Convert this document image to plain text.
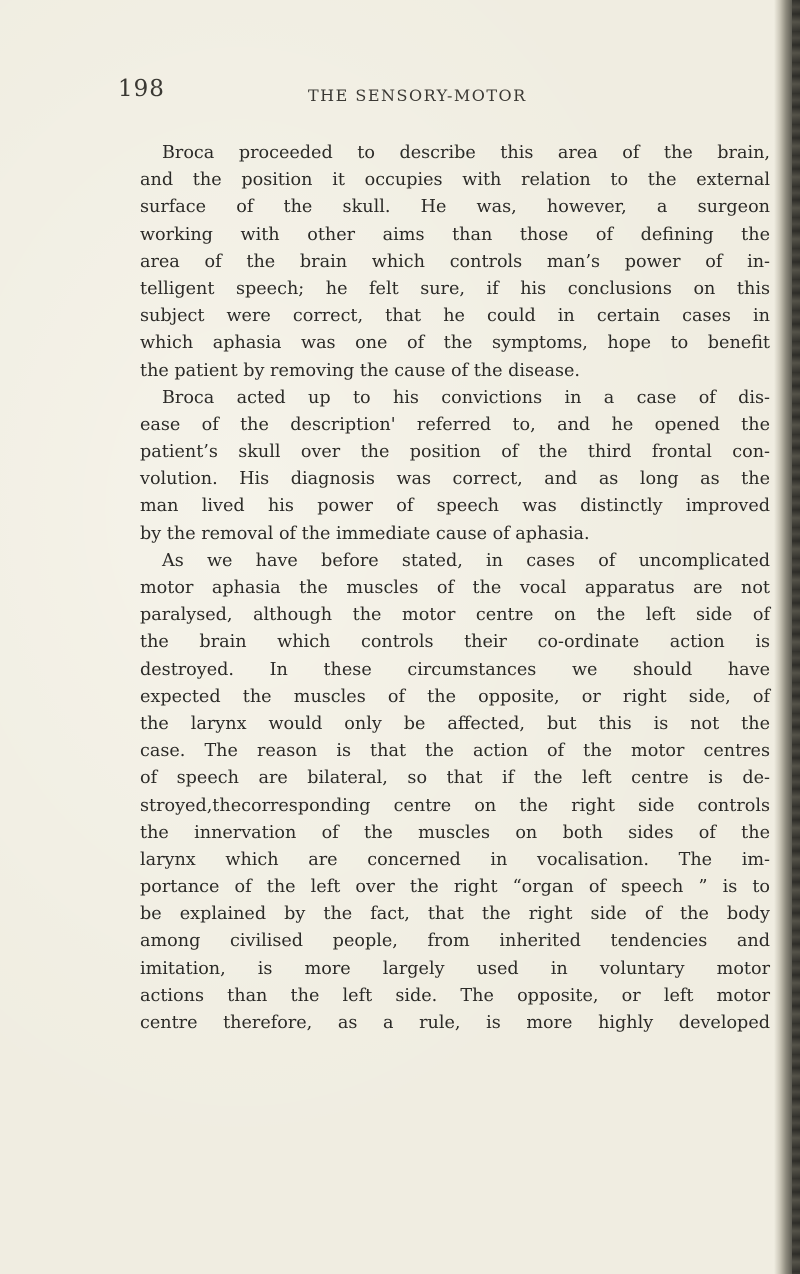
198	THE SENSORY-MOTOR
Broca proceeded to describe this area of the brain,
and the position it occupies with relation to the external
surface of the skull. He was, however, a surgeon
working with other aims than those of defining the
area of the brain which controls man’s power of in-
telligent speech; he felt sure, if his conclusions on this
subject were correct, that he could in certain cases in
which aphasia was one of the symptoms, hope to benefit
the patient by removing the cause of the disease.
Broca acted up to his convictions in a case of dis-
ease of the description' referred to, and he opened the
patient’s skull over the position of the third frontal con-
volution. His diagnosis was correct, and as long as the
man lived his power of speech was distinctly improved
by the removal of the immediate cause of aphasia.
As we have before stated, in cases of uncomplicated
motor aphasia the muscles of the vocal apparatus are not
paralysed, although the motor centre on the left side of
the brain which controls their co-ordinate action is
destroyed. In these circumstances we should have
expected the muscles of the opposite, or right side, of
the larynx would only be affected, but this is not the
case. The reason is that the action of the motor centres
of speech are bilateral, so that if the left centre is de-
stroyed,thecorresponding centre on the right side controls
the innervation of the muscles on both sides of the
larynx which are concerned in vocalisation. The im-
portance of the left over the right “organ of speech ” is to
be explained by the fact, that the right side of the body
among civilised people, from inherited tendencies and
imitation, is more largely used in voluntary motor
actions than the left side. The opposite, or left motor
centre therefore, as a rule, is more highly developed
